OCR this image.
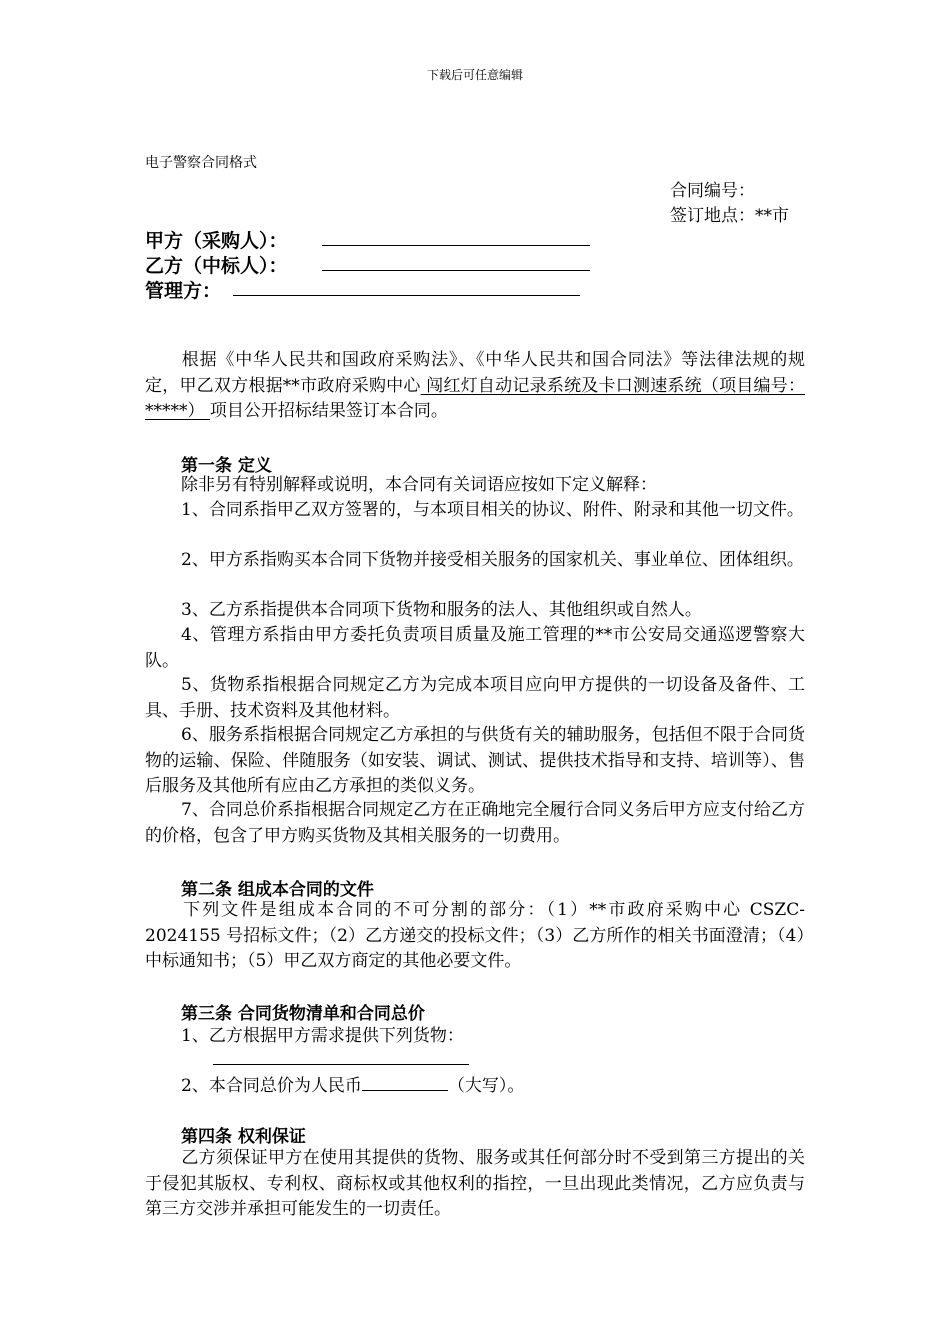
下载后可任意编辑
电子警察合同格式
合同编号：
签订地点：**市
甲方（采购人）：
乙方（中标人）：
管理方：
根据《中华人民共和国政府采购法》、《中华人民共和国合同法》等法律法规的规定，甲乙双方根据**市政府采购中心 闯红灯自动记录系统及卡口测速系统（项目编号：*****） 项目公开招标结果签订本合同。
第一条 定义
除非另有特别解释或说明，本合同有关词语应按如下定义解释：
1、合同系指甲乙双方签署的，与本项目相关的协议、附件、附录和其他一切文件。
2、甲方系指购买本合同下货物并接受相关服务的国家机关、事业单位、团体组织。
3、乙方系指提供本合同项下货物和服务的法人、其他组织或自然人。
4、管理方系指由甲方委托负责项目质量及施工管理的**市公安局交通巡逻警察大队。
5、货物系指根据合同规定乙方为完成本项目应向甲方提供的一切设备及备件、工具、手册、技术资料及其他材料。
6、服务系指根据合同规定乙方承担的与供货有关的辅助服务，包括但不限于合同货物的运输、保险、伴随服务（如安装、调试、测试、提供技术指导和支持、培训等）、售后服务及其他所有应由乙方承担的类似义务。
7、合同总价系指根据合同规定乙方在正确地完全履行合同义务后甲方应支付给乙方的价格，包含了甲方购买货物及其相关服务的一切费用。
第二条 组成本合同的文件
下列文件是组成本合同的不可分割的部分：（1）**市政府采购中心 CSZC-2024155 号招标文件；（2）乙方递交的投标文件；（3）乙方所作的相关书面澄清；（4）中标通知书；（5）甲乙双方商定的其他必要文件。
第三条 合同货物清单和合同总价
1、乙方根据甲方需求提供下列货物：
2、本合同总价为人民币	（大写）。
第四条 权利保证
乙方须保证甲方在使用其提供的货物、服务或其任何部分时不受到第三方提出的关于侵犯其版权、专利权、商标权或其他权利的指控，一旦出现此类情况，乙方应负责与第三方交涉并承担可能发生的一切责任。
